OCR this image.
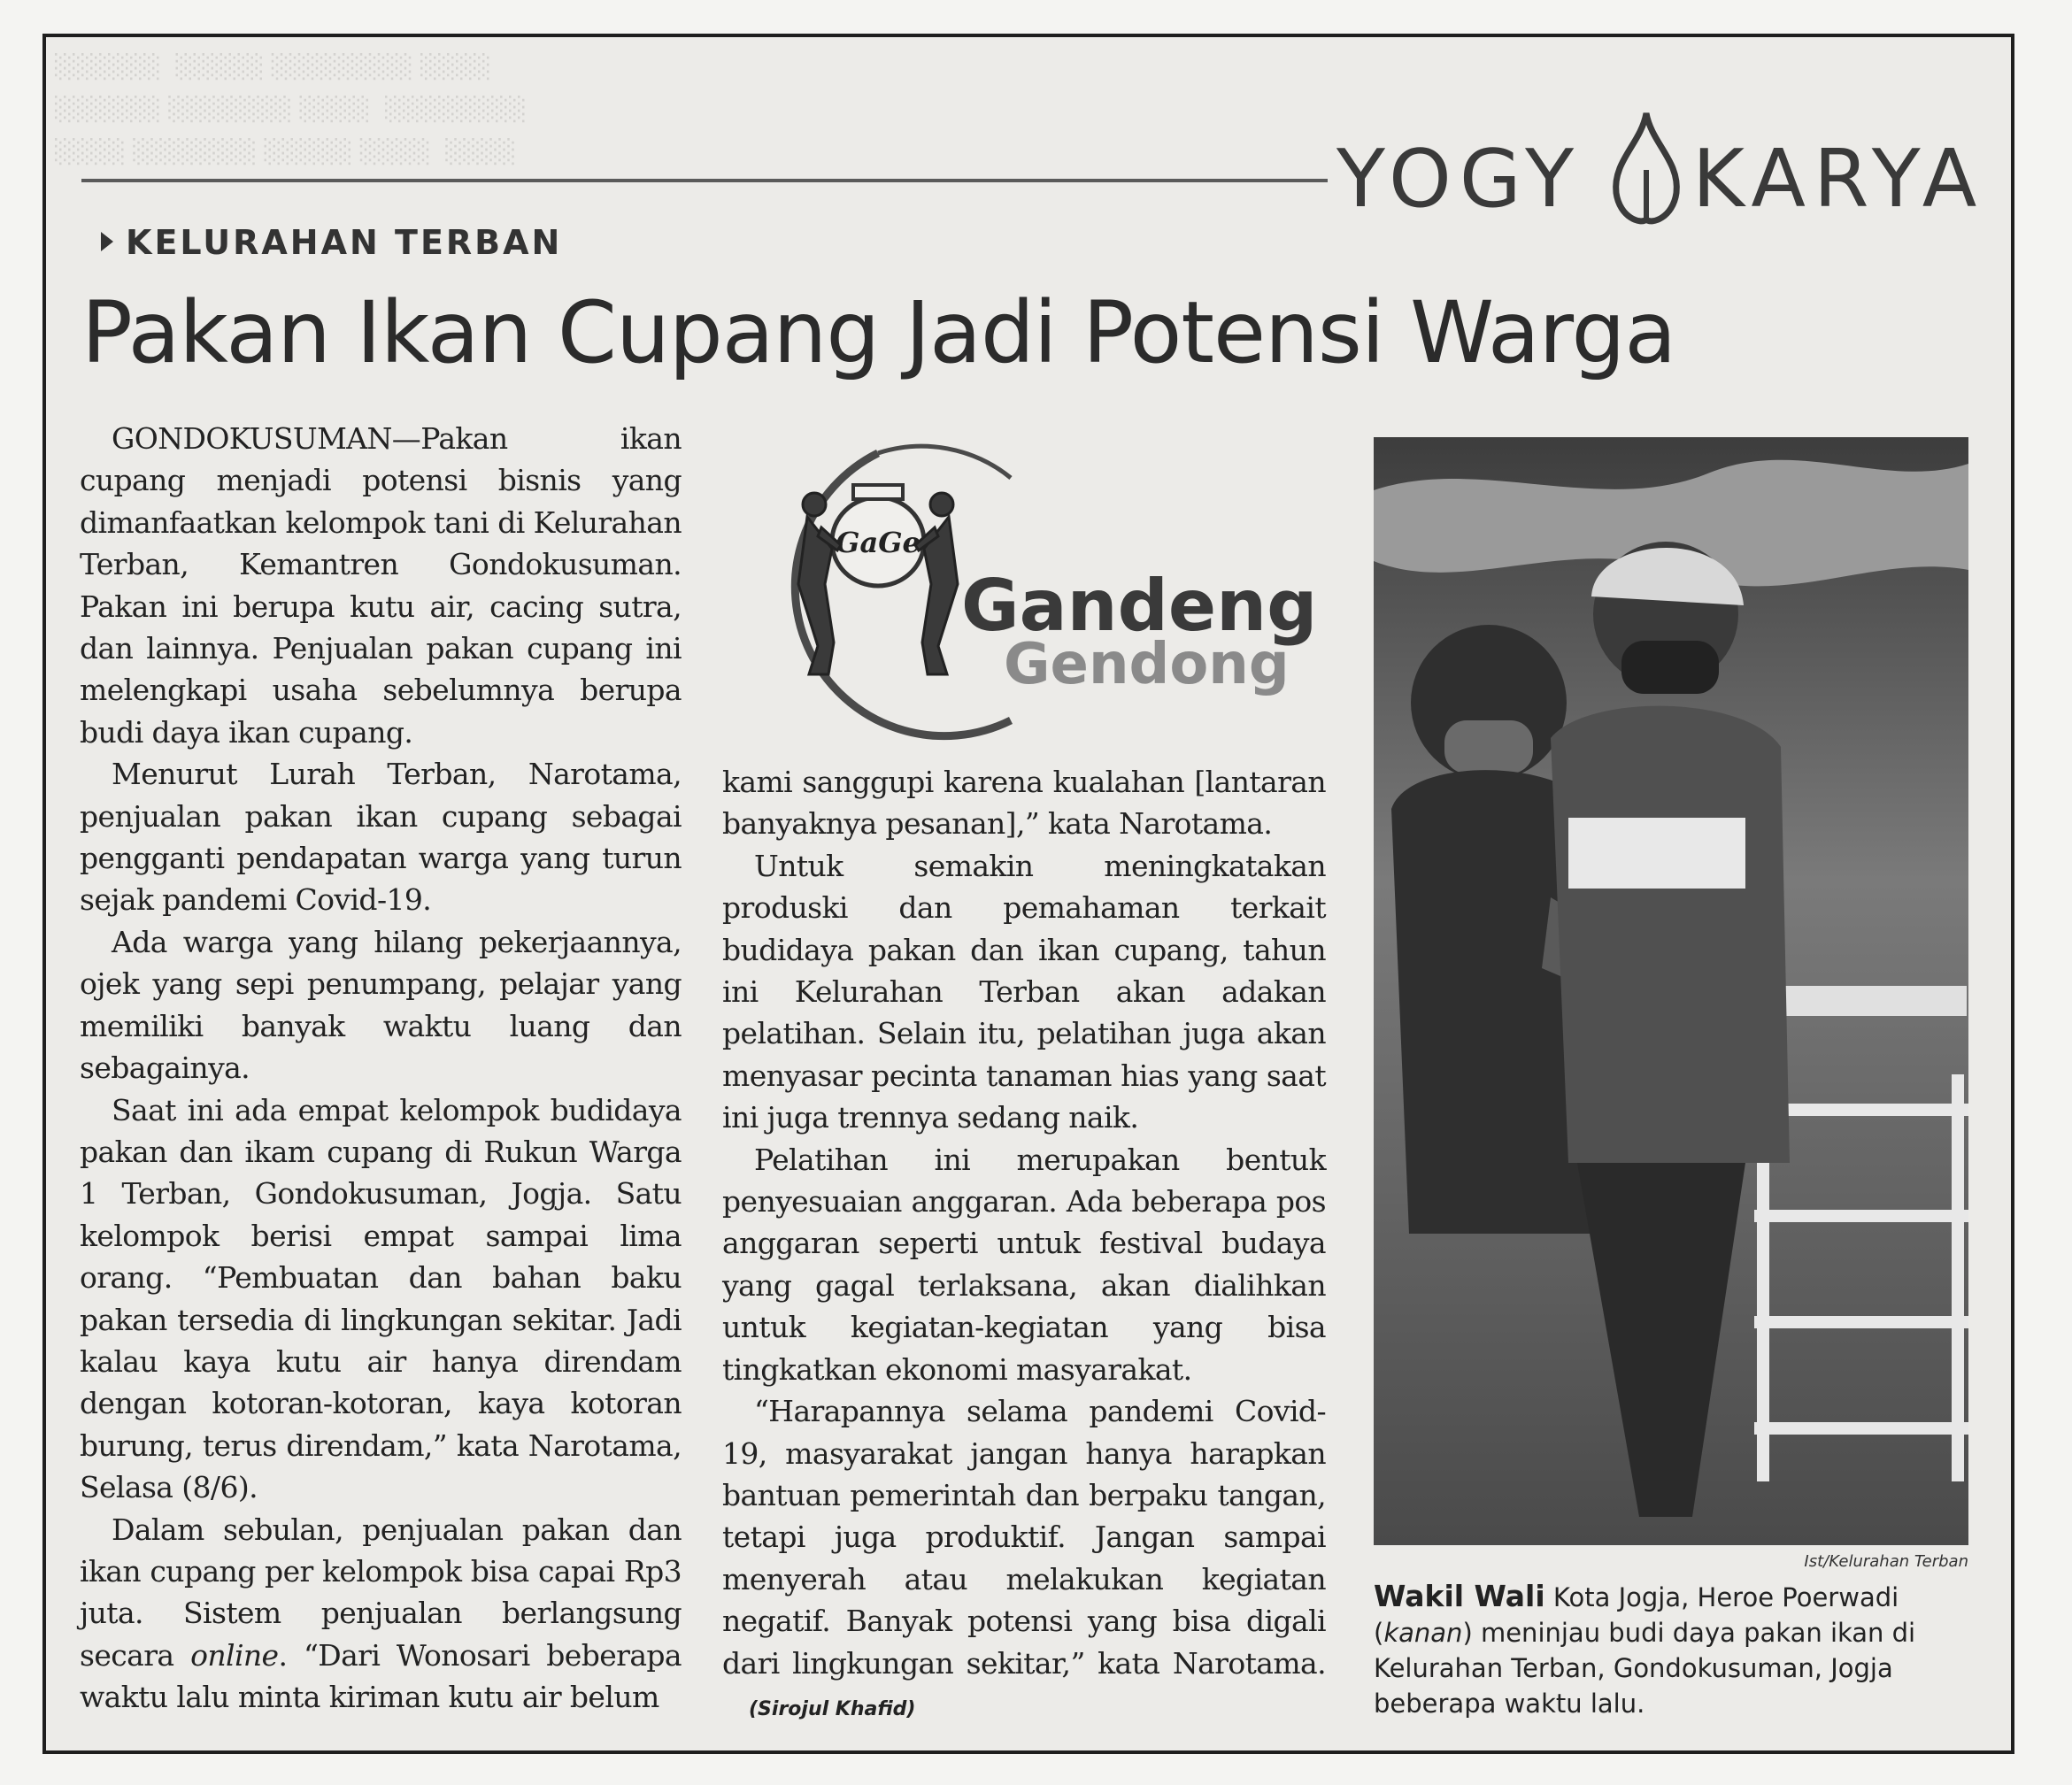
░░░░░░  ░░░░░ ░░░░░░░░ ░░░░
░░░░░░ ░░░░░░░ ░░░░  ░░░░░░░░
░░░░ ░░░░░░░ ░░░░░ ░░░░  ░░░░	YOGY KARYA
KELURAHAN TERBAN
Pakan Ikan Cupang Jadi Potensi Warga

GONDOKUSUMAN—Pakan ikan cupang menjadi potensi bisnis yang dimanfaatkan kelompok tani di Kelurahan Terban, Kemantren Gondokusuman. Pakan ini berupa kutu air, cacing sutra, dan lainnya. Penjualan pakan cupang ini melengkapi usaha sebelumnya berupa budi daya ikan cupang.

Menurut Lurah Terban, Narotama, penjualan pakan ikan cupang sebagai pengganti pendapatan warga yang turun sejak pandemi Covid-19.

Ada warga yang hilang pekerjaannya, ojek yang sepi penumpang, pelajar yang memiliki banyak waktu luang dan sebagainya.

Saat ini ada empat kelompok budidaya pakan dan ikam cupang di Rukun Warga 1 Terban, Gondokusuman, Jogja. Satu kelompok berisi empat sampai lima orang. “Pembuatan dan bahan baku pakan tersedia di lingkungan sekitar. Jadi kalau kaya kutu air hanya direndam dengan kotoran-kotoran, kaya kotoran burung, terus direndam,” kata Narotama, Selasa (8/6).

Dalam sebulan, penjualan pakan dan ikan cupang per kelompok bisa capai Rp3 juta. Sistem penjualan berlangsung secara online. “Dari Wonosari beberapa waktu lalu minta kiriman kutu air belum

GaGe
Gandeng
Gendong

kami sanggupi karena kualahan [lantaran banyaknya pesanan],” kata Narotama.

Untuk semakin meningkatakan produski dan pemahaman terkait budidaya pakan dan ikan cupang, tahun ini Kelurahan Terban akan adakan pelatihan. Selain itu, pelatihan juga akan menyasar pecinta tanaman hias yang saat ini juga trennya sedang naik.

Pelatihan ini merupakan bentuk penyesuaian anggaran. Ada beberapa pos anggaran seperti untuk festival budaya yang gagal terlaksana, akan dialihkan untuk kegiatan-kegiatan yang bisa tingkatkan ekonomi masyarakat.

“Harapannya selama pandemi Covid-19, masyarakat jangan hanya harapkan bantuan pemerintah dan berpaku tangan, tetapi juga produktif. Jangan sampai menyerah atau melakukan kegiatan negatif. Banyak potensi yang bisa digali dari lingkungan sekitar,” kata Narotama.(Sirojul Khafid)

Ist/Kelurahan Terban
Wakil Wali Kota Jogja, Heroe Poerwadi (kanan) meninjau budi daya pakan ikan di Kelurahan Terban, Gondokusuman, Jogja beberapa waktu lalu.
